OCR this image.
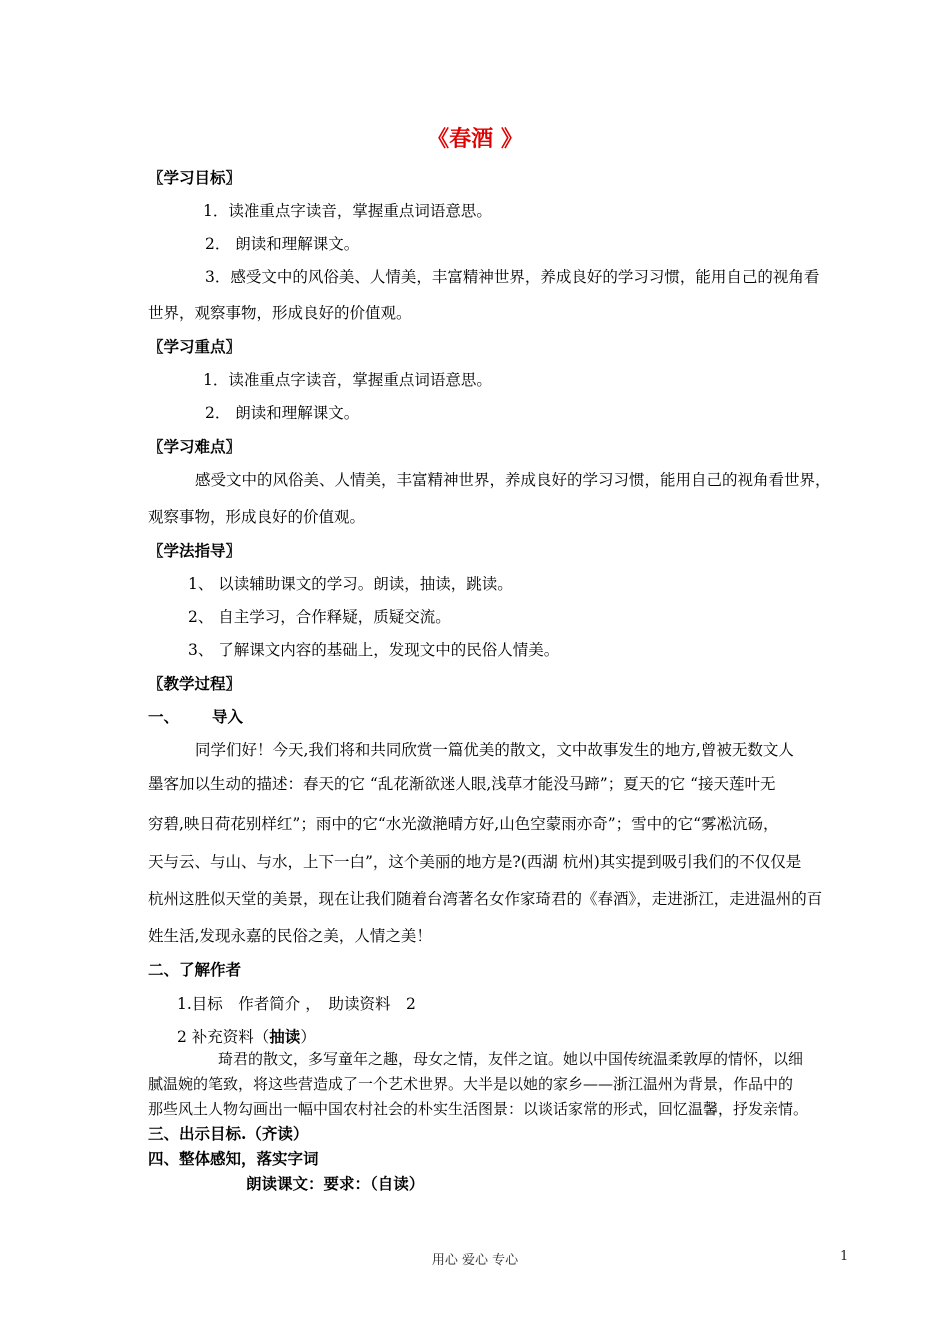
《春酒 》
〖学习目标〗
1．读准重点字读音，掌握重点词语意思。
2． 朗读和理解课文。
3．感受文中的风俗美、人情美，丰富精神世界，养成良好的学习习惯，能用自己的视角看
世界，观察事物，形成良好的价值观。
〖学习重点〗
1．读准重点字读音，掌握重点词语意思。
2． 朗读和理解课文。
〖学习难点〗
感受文中的风俗美、人情美，丰富精神世界，养成良好的学习习惯，能用自己的视角看世界，
观察事物，形成良好的价值观。
〖学法指导〗
1、 以读辅助课文的学习。朗读，抽读，跳读。
2、 自主学习，合作释疑，质疑交流。
3、 了解课文内容的基础上，发现文中的民俗人情美。
〖教学过程〗
一、 导入
同学们好！今天,我们将和共同欣赏一篇优美的散文，文中故事发生的地方,曾被无数文人
墨客加以生动的描述：春天的它 “乱花渐欲迷人眼,浅草才能没马蹄”；夏天的它 “接天莲叶无
穷碧,映日荷花别样红”；雨中的它“水光潋滟晴方好,山色空蒙雨亦奇”；雪中的它“雾凇沆砀，
天与云、与山、与水，上下一白”，这个美丽的地方是?(西湖 杭州)其实提到吸引我们的不仅仅是
杭州这胜似天堂的美景，现在让我们随着台湾著名女作家琦君的《春酒》，走进浙江，走进温州的百
姓生活,发现永嘉的民俗之美，人情之美！
二、了解作者
1.目标　作者简介 ，　助读资料　2
2 补充资料（抽读）
琦君的散文，多写童年之趣，母女之情，友伴之谊。她以中国传统温柔敦厚的情怀，以细
腻温婉的笔致，将这些营造成了一个艺术世界。大半是以她的家乡——浙江温州为背景，作品中的
那些风土人物勾画出一幅中国农村社会的朴实生活图景：以谈话家常的形式，回忆温馨，抒发亲情。
三、出示目标.（齐读）
四、整体感知，落实字词
朗读课文：要求：（自读）
用心 爱心 专心	1
